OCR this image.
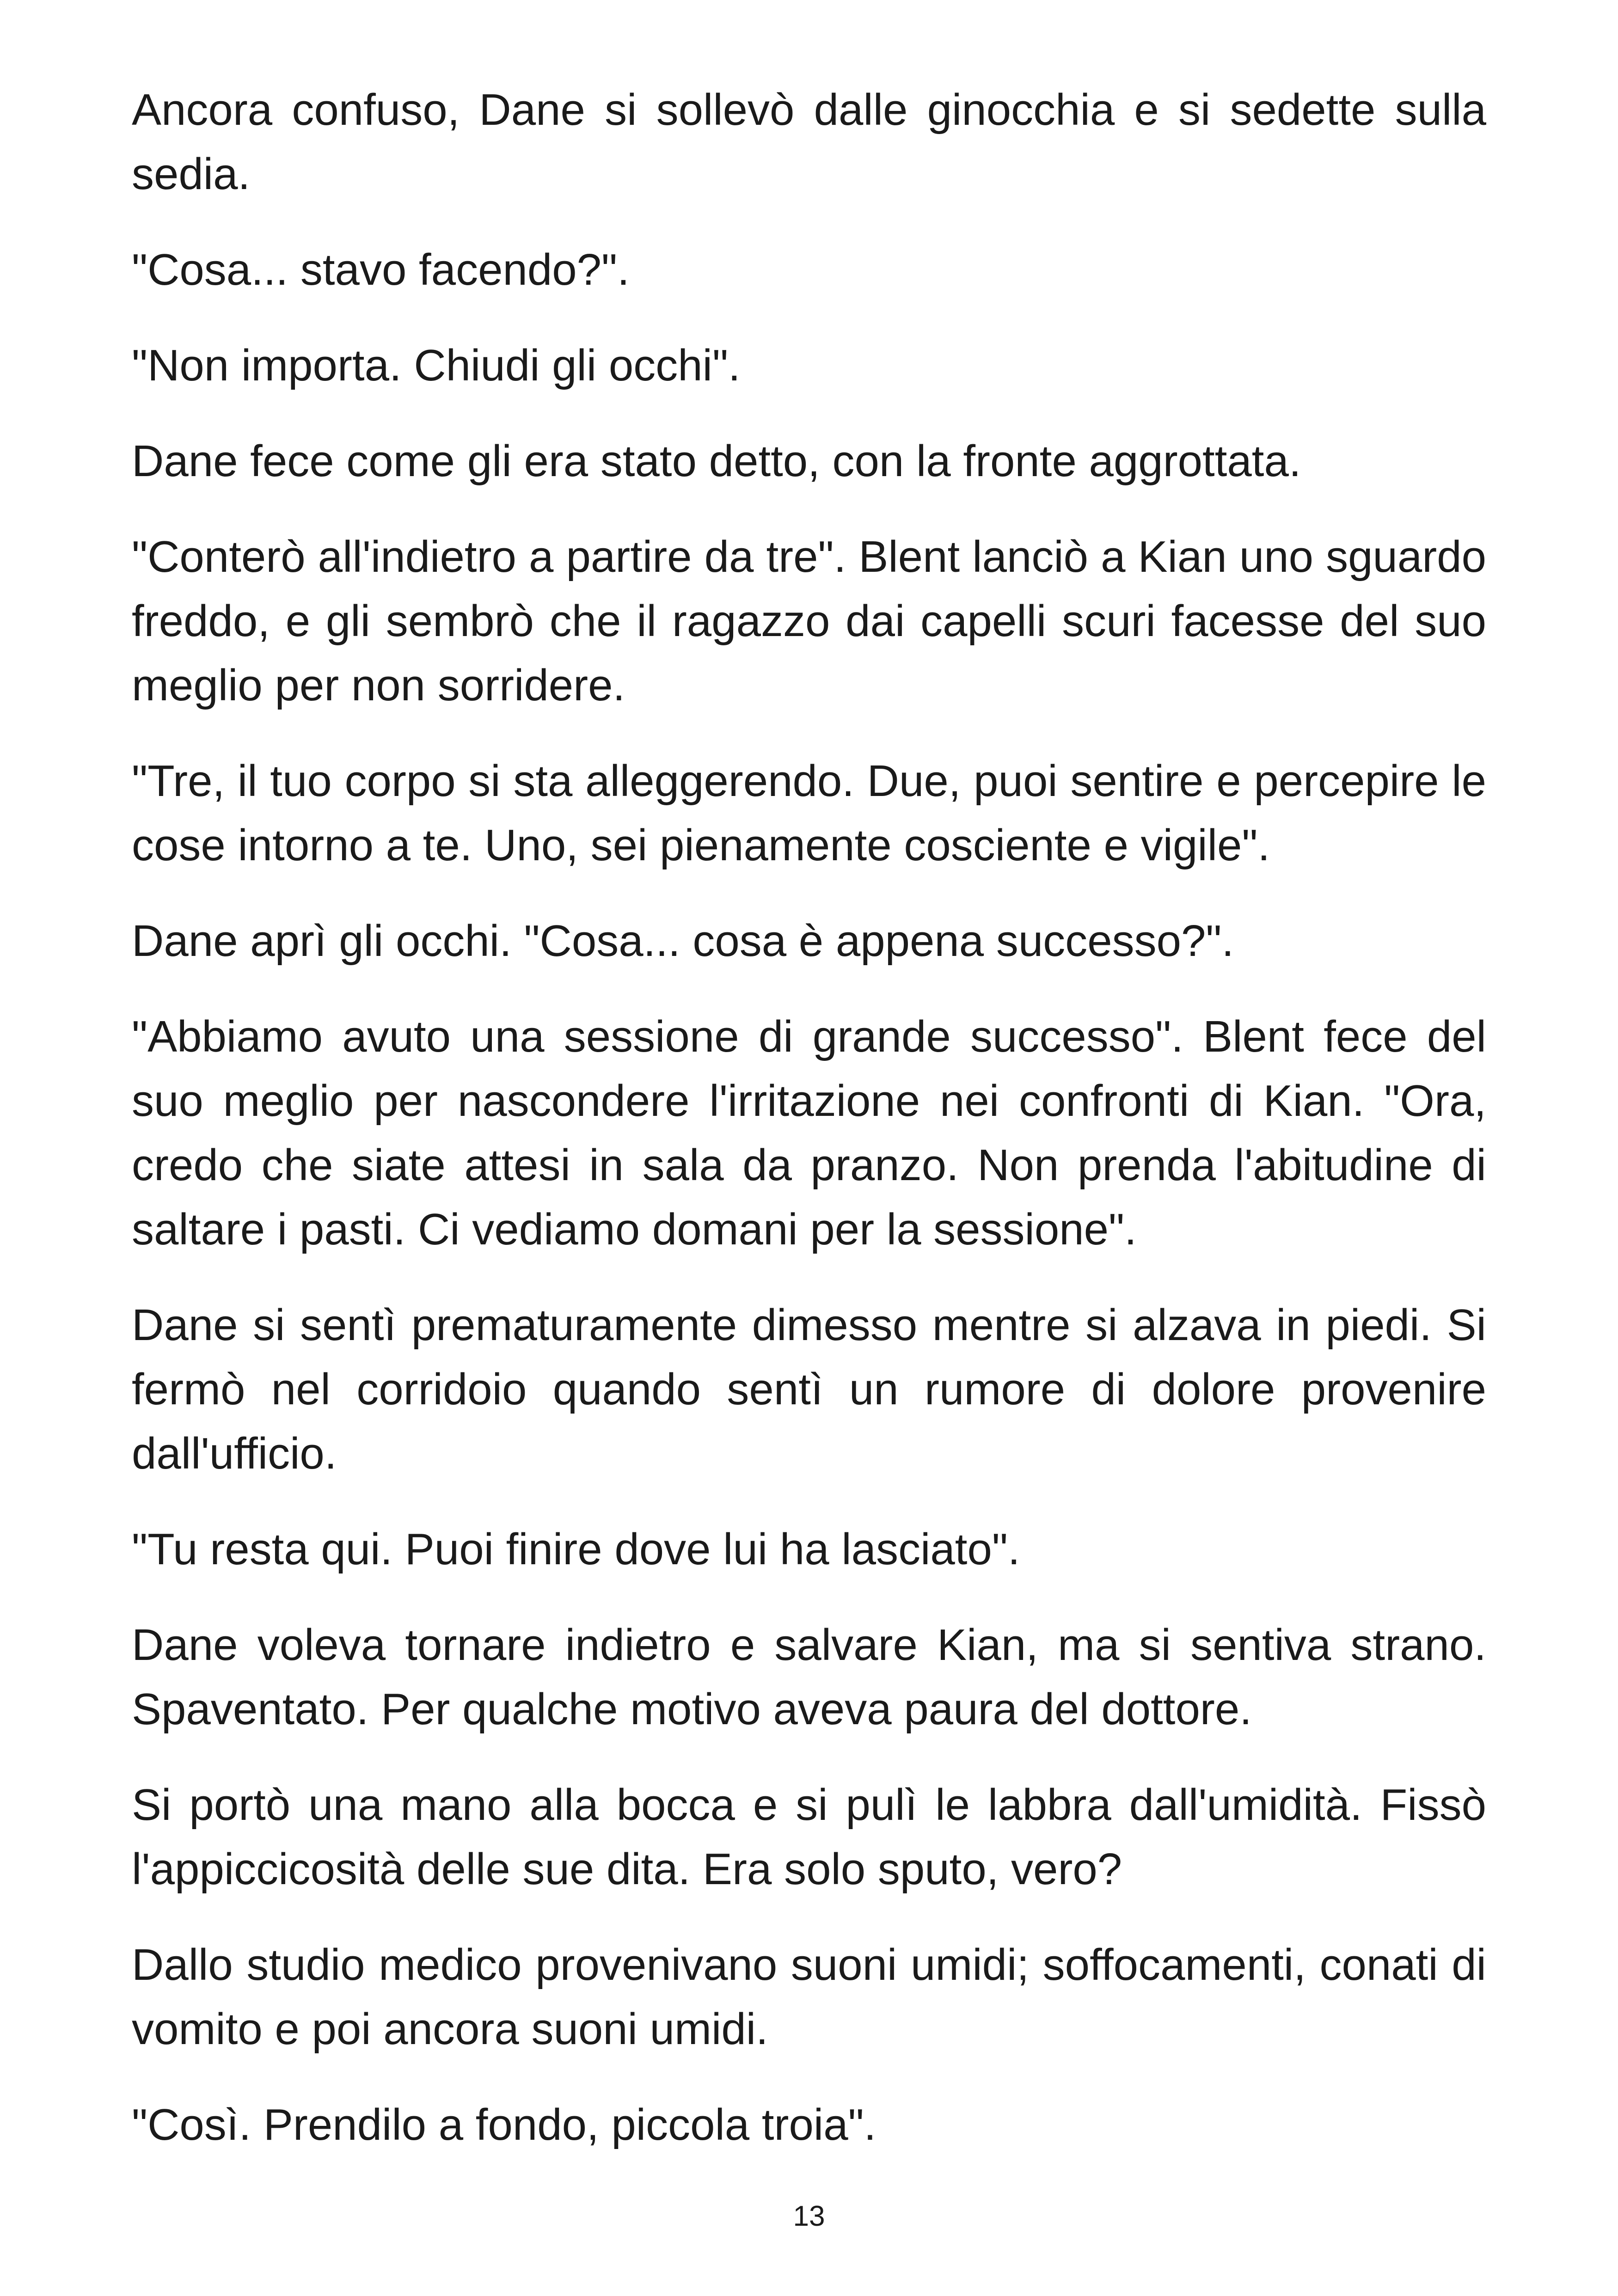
Ancora confuso, Dane si sollevò dalle ginocchia e si sedette sulla sedia.

"Cosa... stavo facendo?".

"Non importa. Chiudi gli occhi".

Dane fece come gli era stato detto, con la fronte aggrottata.

"Conterò all'indietro a partire da tre". Blent lanciò a Kian uno sguardo freddo, e gli sembrò che il ragazzo dai capelli scuri facesse del suo meglio per non sorridere.

"Tre, il tuo corpo si sta alleggerendo. Due, puoi sentire e percepire le cose intorno a te. Uno, sei pienamente cosciente e vigile".

Dane aprì gli occhi. "Cosa... cosa è appena successo?".

"Abbiamo avuto una sessione di grande successo". Blent fece del suo meglio per nascondere l'irritazione nei confronti di Kian. "Ora, credo che siate attesi in sala da pranzo. Non prenda l'abitudine di saltare i pasti. Ci vediamo domani per la sessione".

Dane si sentì prematuramente dimesso mentre si alzava in piedi. Si fermò nel corridoio quando sentì un rumore di dolore provenire dall'ufficio.

"Tu resta qui. Puoi finire dove lui ha lasciato".

Dane voleva tornare indietro e salvare Kian, ma si sentiva strano. Spaventato. Per qualche motivo aveva paura del dottore.

Si portò una mano alla bocca e si pulì le labbra dall'umidità. Fissò l'appiccicosità delle sue dita. Era solo sputo, vero?

Dallo studio medico provenivano suoni umidi; soffocamenti, conati di vomito e poi ancora suoni umidi.

"Così. Prendilo a fondo, piccola troia".

13
